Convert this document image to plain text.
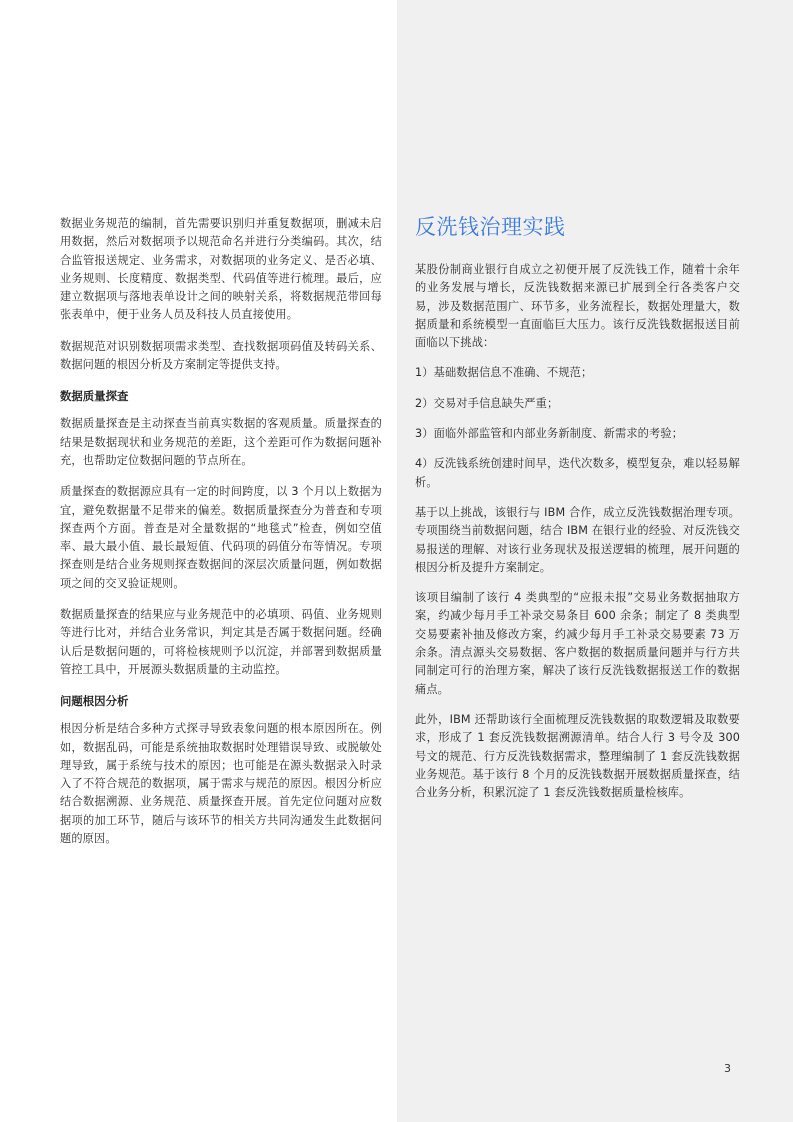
数据业务规范的编制，首先需要识别归并重复数据项，删减未启用数据，然后对数据项予以规范命名并进行分类编码。其次，结合监管报送规定、业务需求，对数据项的业务定义、是否必填、业务规则、长度精度、数据类型、代码值等进行梳理。最后，应建立数据项与落地表单设计之间的映射关系，将数据规范带回每张表单中，便于业务人员及科技人员直接使用。

数据规范对识别数据项需求类型、查找数据项码值及转码关系、数据问题的根因分析及方案制定等提供支持。

数据质量探查

数据质量探查是主动探查当前真实数据的客观质量。质量探查的结果是数据现状和业务规范的差距，这个差距可作为数据问题补充，也帮助定位数据问题的节点所在。

质量探查的数据源应具有一定的时间跨度，以 3 个月以上数据为宜，避免数据量不足带来的偏差。数据质量探查分为普查和专项探查两个方面。普查是对全量数据的“地毯式”检查，例如空值率、最大最小值、最长最短值、代码项的码值分布等情况。专项探查则是结合业务规则探查数据间的深层次质量问题，例如数据项之间的交叉验证规则。

数据质量探查的结果应与业务规范中的必填项、码值、业务规则等进行比对，并结合业务常识，判定其是否属于数据问题。经确认后是数据问题的，可将检核规则予以沉淀，并部署到数据质量管控工具中，开展源头数据质量的主动监控。

问题根因分析

根因分析是结合多种方式探寻导致表象问题的根本原因所在。例如，数据乱码，可能是系统抽取数据时处理错误导致、或脱敏处理导致，属于系统与技术的原因；也可能是在源头数据录入时录入了不符合规范的数据项，属于需求与规范的原因。根因分析应结合数据溯源、业务规范、质量探查开展。首先定位问题对应数据项的加工环节，随后与该环节的相关方共同沟通发生此数据问题的原因。

反洗钱治理实践

某股份制商业银行自成立之初便开展了反洗钱工作，随着十余年的业务发展与增长，反洗钱数据来源已扩展到全行各类客户交易，涉及数据范围广、环节多，业务流程长，数据处理量大，数据质量和系统模型一直面临巨大压力。该行反洗钱数据报送目前面临以下挑战：

1）基础数据信息不准确、不规范；

2）交易对手信息缺失严重；

3）面临外部监管和内部业务新制度、新需求的考验；

4）反洗钱系统创建时间早，迭代次数多，模型复杂，难以轻易解析。

基于以上挑战，该银行与 IBM 合作，成立反洗钱数据治理专项。专项围绕当前数据问题，结合 IBM 在银行业的经验、对反洗钱交易报送的理解、对该行业务现状及报送逻辑的梳理，展开问题的根因分析及提升方案制定。

该项目编制了该行 4 类典型的“应报未报”交易业务数据抽取方案，约减少每月手工补录交易条目 600 余条；制定了 8 类典型交易要素补抽及修改方案，约减少每月手工补录交易要素 73 万余条。清点源头交易数据、客户数据的数据质量问题并与行方共同制定可行的治理方案，解决了该行反洗钱数据报送工作的数据痛点。

此外，IBM 还帮助该行全面梳理反洗钱数据的取数逻辑及取数要求，形成了 1 套反洗钱数据溯源清单。结合人行 3 号令及 300 号文的规范、行方反洗钱数据需求，整理编制了 1 套反洗钱数据业务规范。基于该行 8 个月的反洗钱数据开展数据质量探查，结合业务分析，积累沉淀了 1 套反洗钱数据质量检核库。

3
